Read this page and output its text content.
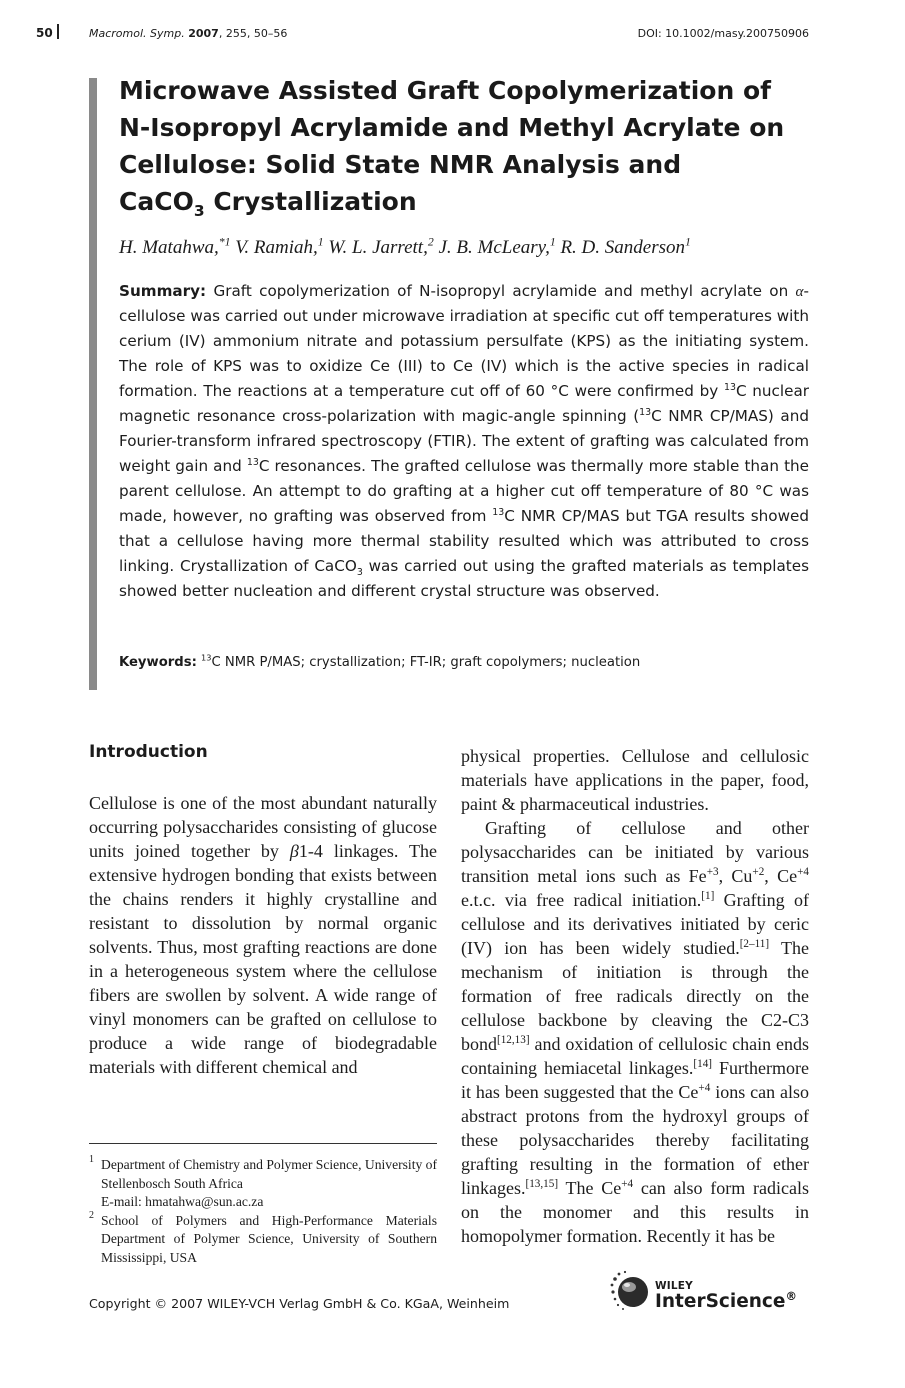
50	Macromol. Symp. 2007, 255, 50–56	DOI: 10.1002/masy.200750906
Microwave Assisted Graft Copolymerization of
N-Isopropyl Acrylamide and Methyl Acrylate on
Cellulose: Solid State NMR Analysis and
CaCO$_3$ Crystallization
H. Matahwa,$^{*1}$ V. Ramiah,$^1$ W. L. Jarrett,$^2$ J. B. McLeary,$^1$ R. D. Sanderson$^1$

Summary: Graft copolymerization of N-isopropyl acrylamide and methyl acrylate on α-cellulose was carried out under microwave irradiation at specific cut off temperatures with cerium (IV) ammonium nitrate and potassium persulfate (KPS) as the initiating system. The role of KPS was to oxidize Ce (III) to Ce (IV) which is the active species in radical formation. The reactions at a temperature cut off of 60 °C were confirmed by $^{13}$C nuclear magnetic resonance cross-polarization with magic-angle spinning ($^{13}$C NMR CP/MAS) and Fourier-transform infrared spectroscopy (FTIR). The extent of grafting was calculated from weight gain and $^{13}$C resonances. The grafted cellulose was thermally more stable than the parent cellulose. An attempt to do grafting at a higher cut off temperature of 80 °C was made, however, no grafting was observed from $^{13}$C NMR CP/MAS but TGA results showed that a cellulose having more thermal stability resulted which was attributed to cross linking. Crystallization of CaCO$_3$ was carried out using the grafted materials as templates showed better nucleation and different crystal structure was observed.

Keywords: $^{13}$C NMR P/MAS; crystallization; FT-IR; graft copolymers; nucleation

Introduction

Cellulose is one of the most abundant naturally occurring polysaccharides consisting of glucose units joined together by β1-4 linkages. The extensive hydrogen bonding that exists between the chains renders it highly crystalline and resistant to dissolution by normal organic solvents. Thus, most grafting reactions are done in a heterogeneous system where the cellulose fibers are swollen by solvent. A wide range of vinyl monomers can be grafted on cellulose to produce a wide range of biodegradable materials with different chemical and

physical properties. Cellulose and cellulosic materials have applications in the paper, food, paint & pharmaceutical industries.

Grafting of cellulose and other polysaccharides can be initiated by various transition metal ions such as $Fe^{+3}$, $Cu^{+2}$, $Ce^{+4}$ e.t.c. via free radical initiation.[1] Grafting of cellulose and its derivatives initiated by ceric (IV) ion has been widely studied.[2–11] The mechanism of initiation is through the formation of free radicals directly on the cellulose backbone by cleaving the C2-C3 bond[12,13] and oxidation of cellulosic chain ends containing hemiacetal linkages.[14] Furthermore it has been suggested that the $Ce^{+4}$ ions can also abstract protons from the hydroxyl groups of these polysaccharides thereby facilitating grafting resulting in the formation of ether linkages.[13,15] The $Ce^{+4}$ can also form radicals on the monomer and this results in homopolymer formation. Recently it has be

1 Department of Chemistry and Polymer Science, University of Stellenbosch South Africa
E-mail: hmatahwa@sun.ac.za
2 School of Polymers and High-Performance Materials Department of Polymer Science, University of Southern Mississippi, USA
Copyright © 2007 WILEY-VCH Verlag GmbH & Co. KGaA, Weinheim
WILEY
InterScience®
